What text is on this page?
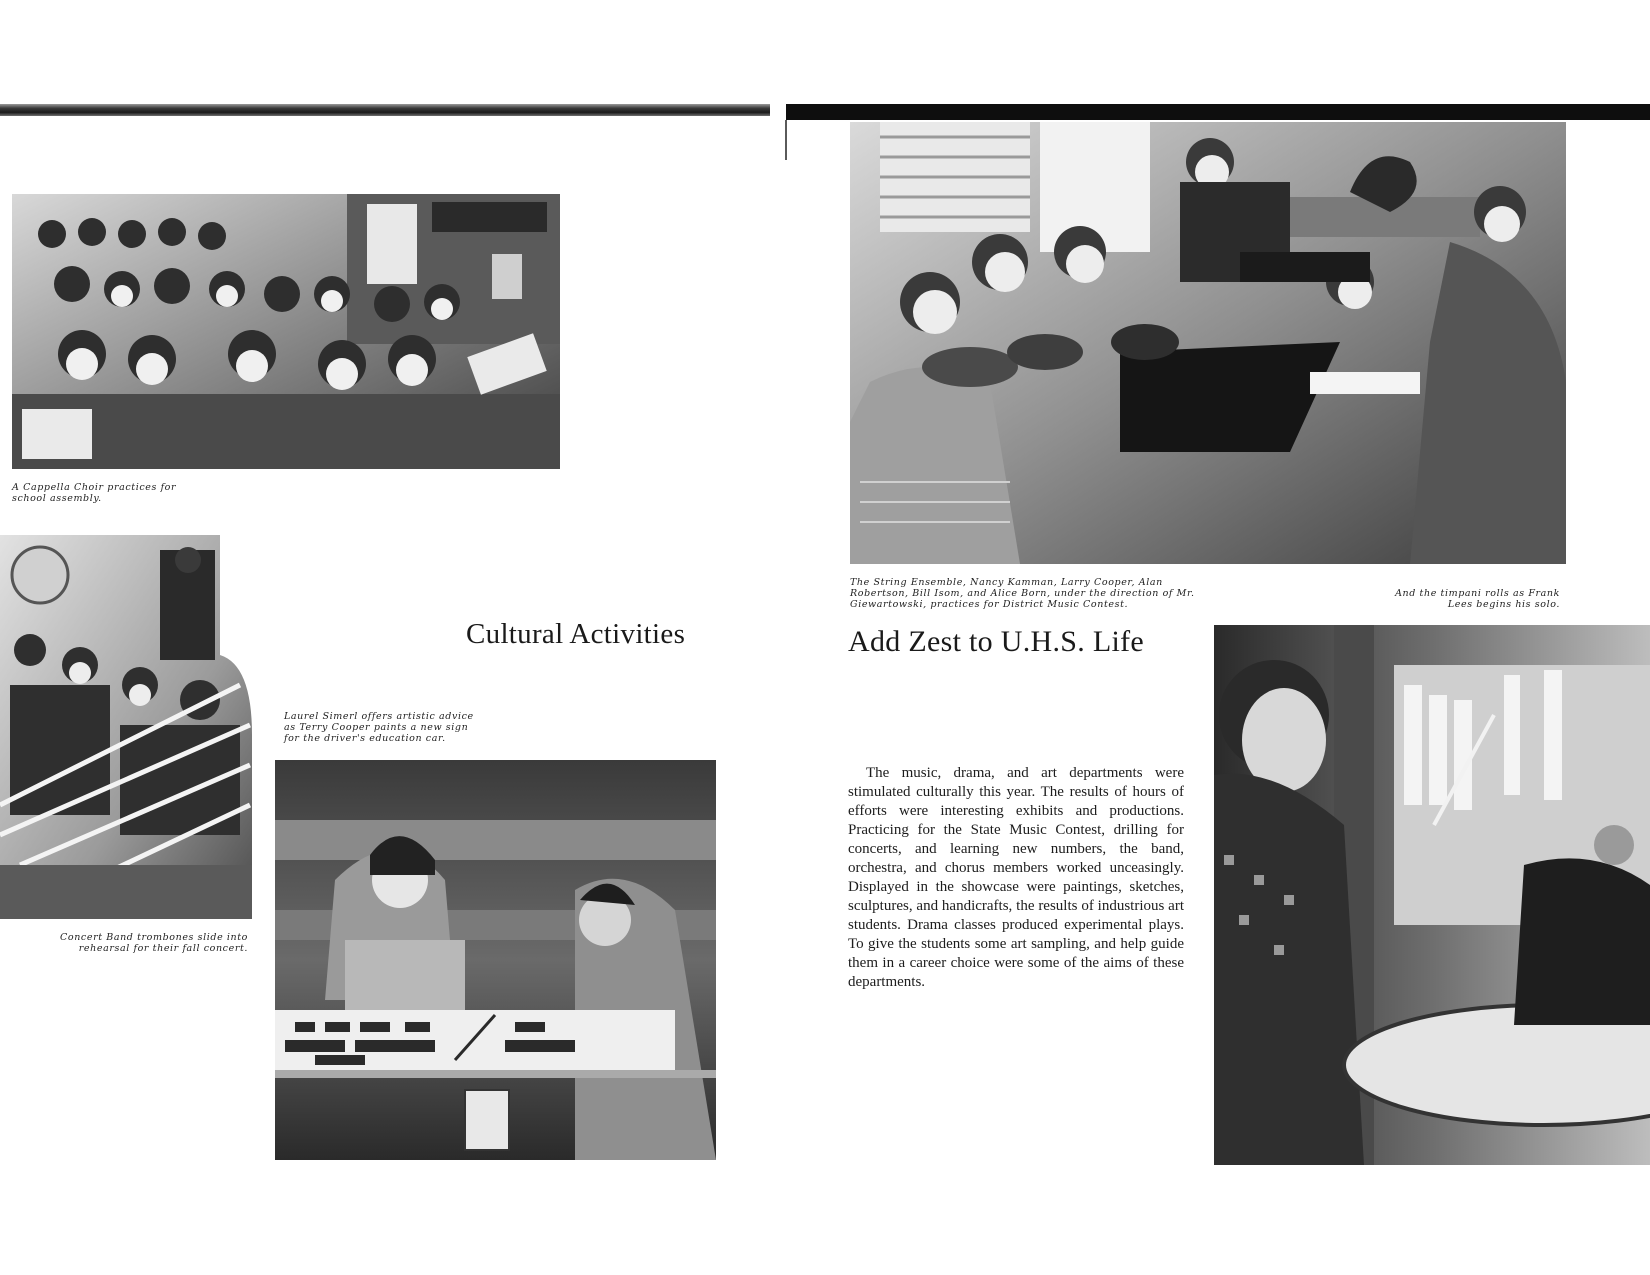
A Cappella Choir practices for school assembly.

Concert Band trombones slide into rehearsal for their fall concert.

Cultural Activities

Laurel Simerl offers artistic advice as Terry Cooper paints a new sign for the driver's education car.

The String Ensemble, Nancy Kamman, Larry Cooper, Alan Robertson, Bill Isom, and Alice Born, under the direction of Mr. Giewartowski, practices for District Music Contest.

And the timpani rolls as Frank Lees begins his solo.

Add Zest to U.H.S. Life

The music, drama, and art departments were stimulated culturally this year. The results of hours of efforts were interesting exhibits and productions. Practicing for the State Music Contest, drilling for concerts, and learning new numbers, the band, orchestra, and chorus members worked unceasingly. Displayed in the showcase were paintings, sketches, sculptures, and handicrafts, the results of industrious art students. Drama classes produced experimental plays. To give the students some art sampling, and help guide them in a career choice were some of the aims of these departments.
